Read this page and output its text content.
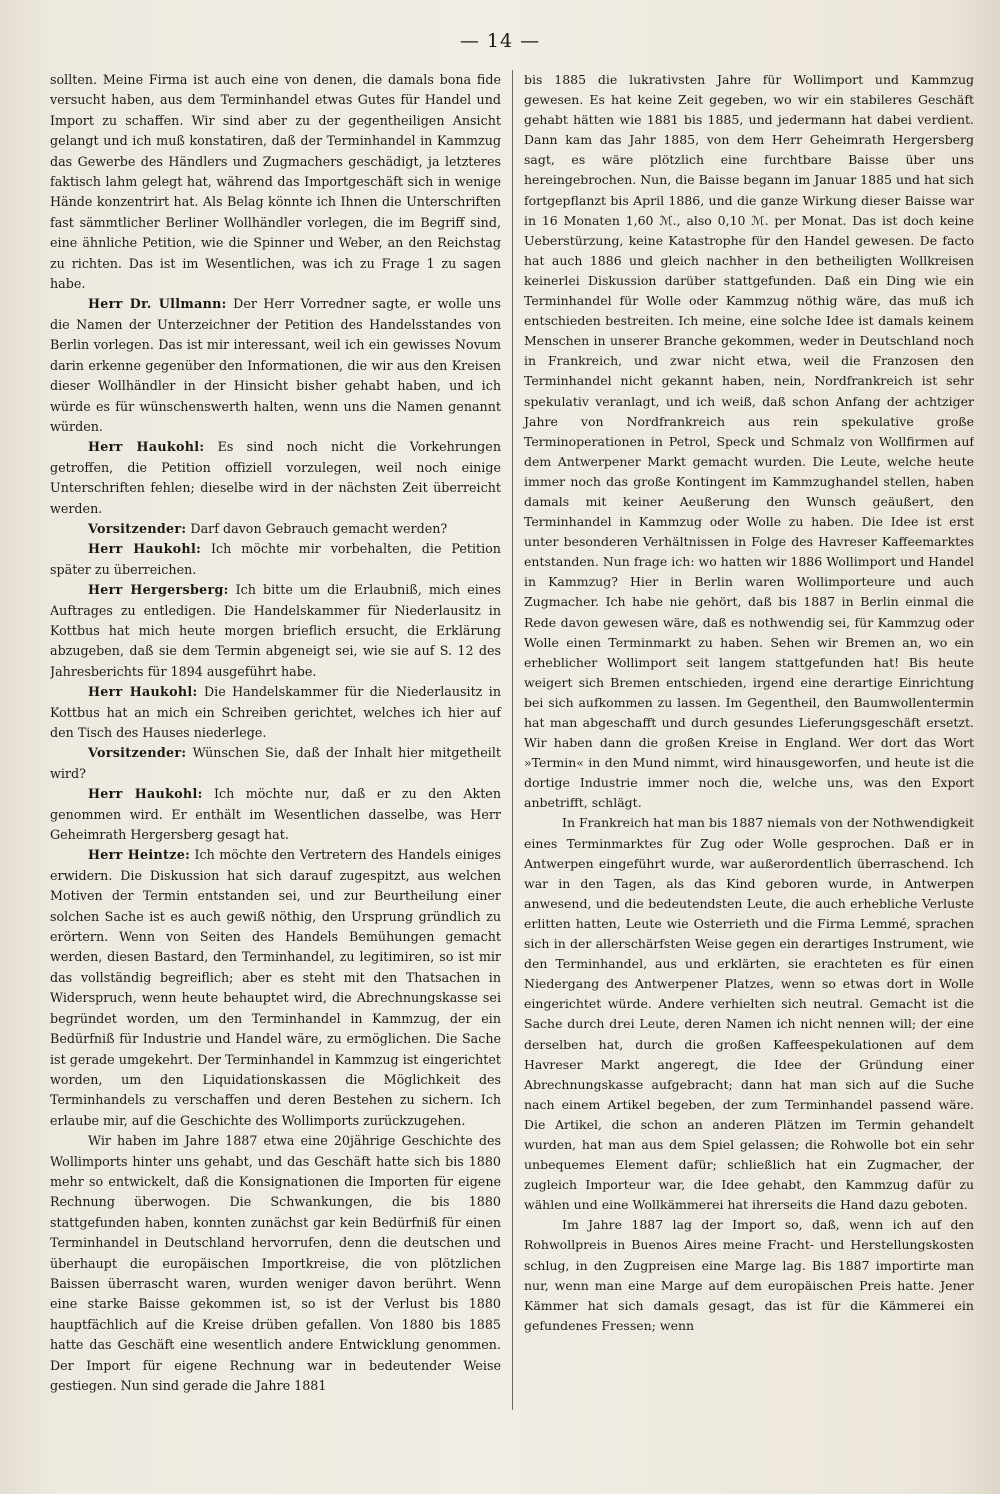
— 14 —

sollten. Meine Firma ist auch eine von denen, die damals bona fide versucht haben, aus dem Terminhandel etwas Gutes für Handel und Import zu schaffen. Wir sind aber zu der gegentheiligen Ansicht gelangt und ich muß konstatiren, daß der Terminhandel in Kammzug das Gewerbe des Händlers und Zugmachers geschädigt, ja letzteres faktisch lahm gelegt hat, während das Importgeschäft sich in wenige Hände konzentrirt hat. Als Belag könnte ich Ihnen die Unterschriften fast sämmtlicher Berliner Wollhändler vorlegen, die im Begriff sind, eine ähnliche Petition, wie die Spinner und Weber, an den Reichstag zu richten. Das ist im Wesentlichen, was ich zu Frage 1 zu sagen habe.

Herr Dr. Ullmann: Der Herr Vorredner sagte, er wolle uns die Namen der Unterzeichner der Petition des Handelsstandes von Berlin vorlegen. Das ist mir interessant, weil ich ein gewisses Novum darin erkenne gegenüber den Informationen, die wir aus den Kreisen dieser Wollhändler in der Hinsicht bisher gehabt haben, und ich würde es für wünschenswerth halten, wenn uns die Namen genannt würden.

Herr Haukohl: Es sind noch nicht die Vorkehrungen getroffen, die Petition offiziell vorzulegen, weil noch einige Unterschriften fehlen; dieselbe wird in der nächsten Zeit überreicht werden.

Vorsitzender: Darf davon Gebrauch gemacht werden?

Herr Haukohl: Ich möchte mir vorbehalten, die Petition später zu überreichen.

Herr Hergersberg: Ich bitte um die Erlaubniß, mich eines Auftrages zu entledigen. Die Handelskammer für Niederlausitz in Kottbus hat mich heute morgen brieflich ersucht, die Erklärung abzugeben, daß sie dem Termin abgeneigt sei, wie sie auf S. 12 des Jahresberichts für 1894 ausgeführt habe.

Herr Haukohl: Die Handelskammer für die Niederlausitz in Kottbus hat an mich ein Schreiben gerichtet, welches ich hier auf den Tisch des Hauses niederlege.

Vorsitzender: Wünschen Sie, daß der Inhalt hier mitgetheilt wird?

Herr Haukohl: Ich möchte nur, daß er zu den Akten genommen wird. Er enthält im Wesentlichen dasselbe, was Herr Geheimrath Hergersberg gesagt hat.

Herr Heintze: Ich möchte den Vertretern des Handels einiges erwidern. Die Diskussion hat sich darauf zugespitzt, aus welchen Motiven der Termin entstanden sei, und zur Beurtheilung einer solchen Sache ist es auch gewiß nöthig, den Ursprung gründlich zu erörtern. Wenn von Seiten des Handels Bemühungen gemacht werden, diesen Bastard, den Terminhandel, zu legitimiren, so ist mir das vollständig begreiflich; aber es steht mit den Thatsachen in Widerspruch, wenn heute behauptet wird, die Abrechnungskasse sei begründet worden, um den Terminhandel in Kammzug, der ein Bedürfniß für Industrie und Handel wäre, zu ermöglichen. Die Sache ist gerade umgekehrt. Der Terminhandel in Kammzug ist eingerichtet worden, um den Liquidationskassen die Möglichkeit des Terminhandels zu verschaffen und deren Bestehen zu sichern. Ich erlaube mir, auf die Geschichte des Wollimports zurückzugehen.

Wir haben im Jahre 1887 etwa eine 20jährige Geschichte des Wollimports hinter uns gehabt, und das Geschäft hatte sich bis 1880 mehr so entwickelt, daß die Konsignationen die Importen für eigene Rechnung überwogen. Die Schwankungen, die bis 1880 stattgefunden haben, konnten zunächst gar kein Bedürfniß für einen Terminhandel in Deutschland hervorrufen, denn die deutschen und überhaupt die europäischen Importkreise, die von plötzlichen Baissen überrascht waren, wurden weniger davon berührt. Wenn eine starke Baisse gekommen ist, so ist der Verlust bis 1880 hauptfächlich auf die Kreise drüben gefallen. Von 1880 bis 1885 hatte das Geschäft eine wesentlich andere Entwicklung genommen. Der Import für eigene Rechnung war in bedeutender Weise gestiegen. Nun sind gerade die Jahre 1881

bis 1885 die lukrativsten Jahre für Wollimport und Kammzug gewesen. Es hat keine Zeit gegeben, wo wir ein stabileres Geschäft gehabt hätten wie 1881 bis 1885, und jedermann hat dabei verdient. Dann kam das Jahr 1885, von dem Herr Geheimrath Hergersberg sagt, es wäre plötzlich eine furchtbare Baisse über uns hereingebrochen. Nun, die Baisse begann im Januar 1885 und hat sich fortgepflanzt bis April 1886, und die ganze Wirkung dieser Baisse war in 16 Monaten 1,60 ℳ., also 0,10 ℳ. per Monat. Das ist doch keine Ueberstürzung, keine Katastrophe für den Handel gewesen. De facto hat auch 1886 und gleich nachher in den betheiligten Wollkreisen keinerlei Diskussion darüber stattgefunden. Daß ein Ding wie ein Terminhandel für Wolle oder Kammzug nöthig wäre, das muß ich entschieden bestreiten. Ich meine, eine solche Idee ist damals keinem Menschen in unserer Branche gekommen, weder in Deutschland noch in Frankreich, und zwar nicht etwa, weil die Franzosen den Terminhandel nicht gekannt haben, nein, Nordfrankreich ist sehr spekulativ veranlagt, und ich weiß, daß schon Anfang der achtziger Jahre von Nordfrankreich aus rein spekulative große Terminoperationen in Petrol, Speck und Schmalz von Wollfirmen auf dem Antwerpener Markt gemacht wurden. Die Leute, welche heute immer noch das große Kontingent im Kammzughandel stellen, haben damals mit keiner Aeußerung den Wunsch geäußert, den Terminhandel in Kammzug oder Wolle zu haben. Die Idee ist erst unter besonderen Verhältnissen in Folge des Havreser Kaffeemarktes entstanden. Nun frage ich: wo hatten wir 1886 Wollimport und Handel in Kammzug? Hier in Berlin waren Wollimporteure und auch Zugmacher. Ich habe nie gehört, daß bis 1887 in Berlin einmal die Rede davon gewesen wäre, daß es nothwendig sei, für Kammzug oder Wolle einen Terminmarkt zu haben. Sehen wir Bremen an, wo ein erheblicher Wollimport seit langem stattgefunden hat! Bis heute weigert sich Bremen entschieden, irgend eine derartige Einrichtung bei sich aufkommen zu lassen. Im Gegentheil, den Baumwollentermin hat man abgeschafft und durch gesundes Lieferungsgeschäft ersetzt. Wir haben dann die großen Kreise in England. Wer dort das Wort »Termin« in den Mund nimmt, wird hinausgeworfen, und heute ist die dortige Industrie immer noch die, welche uns, was den Export anbetrifft, schlägt.

In Frankreich hat man bis 1887 niemals von der Nothwendigkeit eines Terminmarktes für Zug oder Wolle gesprochen. Daß er in Antwerpen eingeführt wurde, war außerordentlich überraschend. Ich war in den Tagen, als das Kind geboren wurde, in Antwerpen anwesend, und die bedeutendsten Leute, die auch erhebliche Verluste erlitten hatten, Leute wie Osterrieth und die Firma Lemmé, sprachen sich in der allerschärfsten Weise gegen ein derartiges Instrument, wie den Terminhandel, aus und erklärten, sie erachteten es für einen Niedergang des Antwerpener Platzes, wenn so etwas dort in Wolle eingerichtet würde. Andere verhielten sich neutral. Gemacht ist die Sache durch drei Leute, deren Namen ich nicht nennen will; der eine derselben hat, durch die großen Kaffeespekulationen auf dem Havreser Markt angeregt, die Idee der Gründung einer Abrechnungskasse aufgebracht; dann hat man sich auf die Suche nach einem Artikel begeben, der zum Terminhandel passend wäre. Die Artikel, die schon an anderen Plätzen im Termin gehandelt wurden, hat man aus dem Spiel gelassen; die Rohwolle bot ein sehr unbequemes Element dafür; schließlich hat ein Zugmacher, der zugleich Importeur war, die Idee gehabt, den Kammzug dafür zu wählen und eine Wollkämmerei hat ihrerseits die Hand dazu geboten.

Im Jahre 1887 lag der Import so, daß, wenn ich auf den Rohwollpreis in Buenos Aires meine Fracht- und Herstellungskosten schlug, in den Zugpreisen eine Marge lag. Bis 1887 importirte man nur, wenn man eine Marge auf dem europäischen Preis hatte. Jener Kämmer hat sich damals gesagt, das ist für die Kämmerei ein gefundenes Fressen; wenn
